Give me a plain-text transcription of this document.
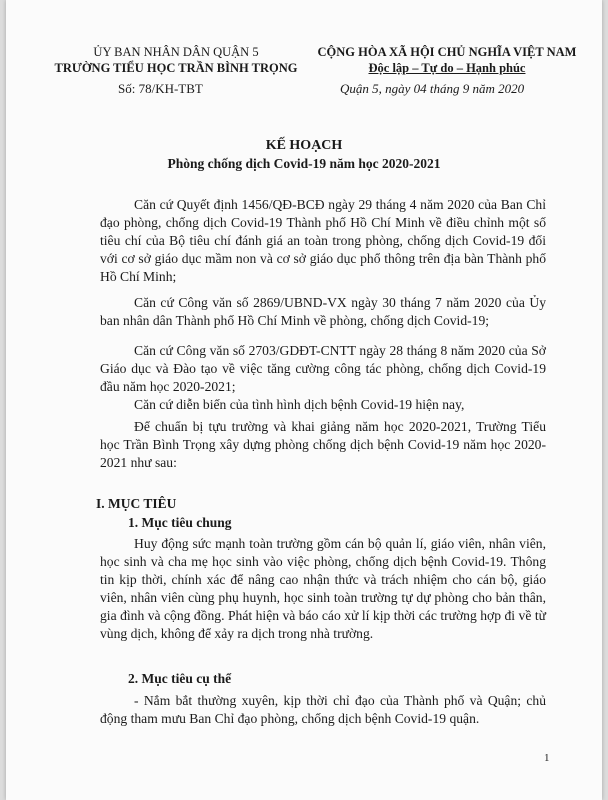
ỦY BAN NHÂN DÂN QUẬN 5
TRƯỜNG TIỂU HỌC TRẦN BÌNH TRỌNG
CỘNG HÒA XÃ HỘI CHỦ NGHĨA VIỆT NAM
Độc lập – Tự do – Hạnh phúc
Số: 78/KH-TBT	Quận 5, ngày 04 tháng 9 năm 2020
KẾ HOẠCH
Phòng chống dịch Covid-19 năm học 2020-2021

Căn cứ Quyết định 1456/QĐ-BCĐ ngày 29 tháng 4 năm 2020 của Ban Chỉ đạo phòng, chống dịch Covid-19 Thành phố Hồ Chí Minh về điều chỉnh một số tiêu chí của Bộ tiêu chí đánh giá an toàn trong phòng, chống dịch Covid-19 đối với cơ sở giáo dục mầm non và cơ sở giáo dục phổ thông trên địa bàn Thành phố Hồ Chí Minh;

Căn cứ Công văn số 2869/UBND-VX ngày 30 tháng 7 năm 2020 của Ủy ban nhân dân Thành phố Hồ Chí Minh về phòng, chống dịch Covid-19;

Căn cứ Công văn số 2703/GDĐT-CNTT ngày 28 tháng 8 năm 2020 của Sở Giáo dục và Đào tạo về việc tăng cường công tác phòng, chống dịch Covid-19 đầu năm học 2020-2021;

Căn cứ diễn biến của tình hình dịch bệnh Covid-19 hiện nay,

Để chuẩn bị tựu trường và khai giảng năm học 2020-2021, Trường Tiểu học Trần Bình Trọng xây dựng phòng chống dịch bệnh Covid-19 năm học 2020-2021 như sau:

I. MỤC TIÊU
1. Mục tiêu chung

Huy động sức mạnh toàn trường gồm cán bộ quản lí, giáo viên, nhân viên, học sinh và cha mẹ học sinh vào việc phòng, chống dịch bệnh Covid-19. Thông tin kịp thời, chính xác để nâng cao nhận thức và trách nhiệm cho cán bộ, giáo viên, nhân viên cùng phụ huynh, học sinh toàn trường tự dự phòng cho bản thân, gia đình và cộng đồng. Phát hiện và báo cáo xử lí kịp thời các trường hợp đi về từ vùng dịch, không để xảy ra dịch trong nhà trường.

2. Mục tiêu cụ thể

- Nắm bắt thường xuyên, kịp thời chỉ đạo của Thành phố và Quận; chủ động tham mưu Ban Chỉ đạo phòng, chống dịch bệnh Covid-19 quận.

1
